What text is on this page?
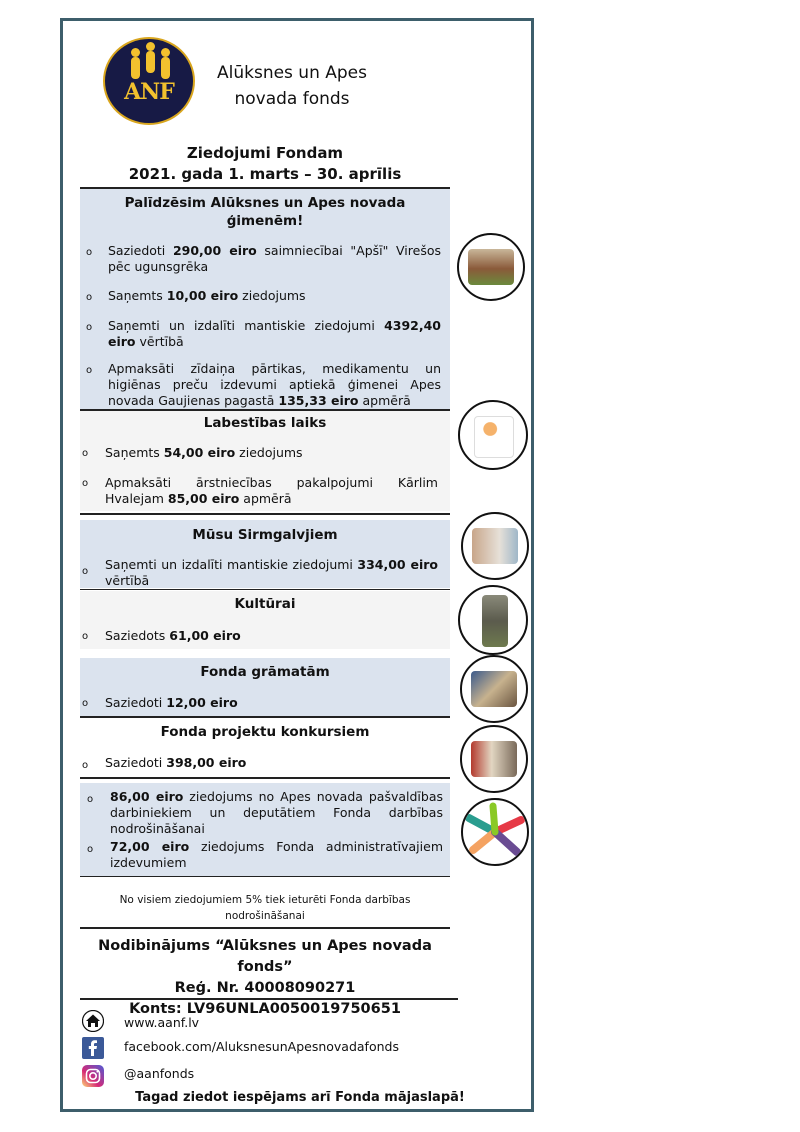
ANF
Alūksnes un Apes
novada fonds
Ziedojumi Fondam
2021. gada 1. marts – 30. aprīlis
Palīdzēsim Alūksnes un Apes novada
ģimenēm!
o Saziedoti 290,00 eiro saimniecībai "Apšī" Virešos pēc ugunsgrēka
o Saņemts 10,00 eiro ziedojums
o Saņemti un izdalīti mantiskie ziedojumi 4392,40 eiro vērtībā
o Apmaksāti zīdaiņa pārtikas, medikamentu un higiēnas preču izdevumi aptiekā ģimenei Apes novada Gaujienas pagastā 135,33 eiro apmērā
Labestības laiks
o Saņemts 54,00 eiro ziedojums
o Apmaksāti ārstniecības pakalpojumi Kārlim Hvalejam 85,00 eiro apmērā
Mūsu Sirmgalvjiem
o Saņemti un izdalīti mantiskie ziedojumi 334,00 eiro vērtībā
Kultūrai
o Saziedots 61,00 eiro
Fonda grāmatām
o Saziedoti 12,00 eiro
Fonda projektu konkursiem
o Saziedoti 398,00 eiro
o 86,00 eiro ziedojums no Apes novada pašvaldības darbiniekiem un deputātiem Fonda darbības nodrošināšanai
o 72,00 eiro ziedojums Fonda administratīvajiem izdevumiem
No visiem ziedojumiem 5% tiek ieturēti Fonda darbības nodrošināšanai
Nodibinājums “Alūksnes un Apes novada fonds”
Reģ. Nr. 40008090271
Konts: LV96UNLA0050019750651
www.aanf.lv
facebook.com/AluksnesunApesnovadafonds
@aanfonds
Tagad ziedot iespējams arī Fonda mājaslapā!
